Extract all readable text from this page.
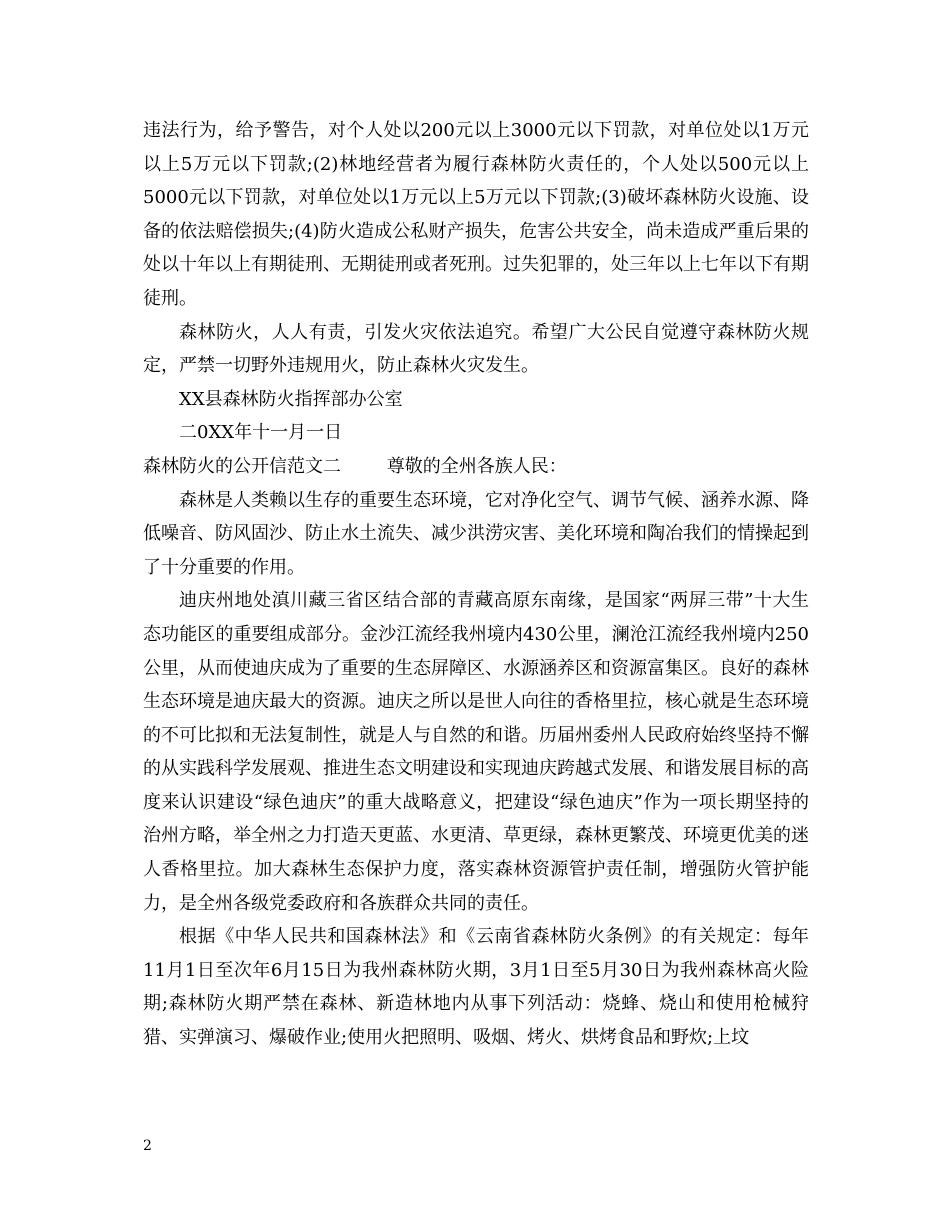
违法行为，给予警告，对个人处以200元以上3000元以下罚款，对单位处以1万元以上5万元以下罚款;(2)林地经营者为履行森林防火责任的，个人处以500元以上5000元以下罚款，对单位处以1万元以上5万元以下罚款;(3)破坏森林防火设施、设备的依法赔偿损失;(4)防火造成公私财产损失，危害公共安全，尚未造成严重后果的处以十年以上有期徒刑、无期徒刑或者死刑。过失犯罪的，处三年以上七年以下有期徒刑。

森林防火，人人有责，引发火灾依法追究。希望广大公民自觉遵守森林防火规定，严禁一切野外违规用火，防止森林火灾发生。

XX县森林防火指挥部办公室

二0XX年十一月一日

森林防火的公开信范文二        尊敬的全州各族人民：

森林是人类赖以生存的重要生态环境，它对净化空气、调节气候、涵养水源、降低噪音、防风固沙、防止水土流失、减少洪涝灾害、美化环境和陶冶我们的情操起到了十分重要的作用。

迪庆州地处滇川藏三省区结合部的青藏高原东南缘，是国家“两屏三带”十大生态功能区的重要组成部分。金沙江流经我州境内430公里，澜沧江流经我州境内250公里，从而使迪庆成为了重要的生态屏障区、水源涵养区和资源富集区。良好的森林生态环境是迪庆最大的资源。迪庆之所以是世人向往的香格里拉，核心就是生态环境的不可比拟和无法复制性，就是人与自然的和谐。历届州委州人民政府始终坚持不懈的从实践科学发展观、推进生态文明建设和实现迪庆跨越式发展、和谐发展目标的高度来认识建设“绿色迪庆”的重大战略意义，把建设“绿色迪庆”作为一项长期坚持的治州方略，举全州之力打造天更蓝、水更清、草更绿，森林更繁茂、环境更优美的迷人香格里拉。加大森林生态保护力度，落实森林资源管护责任制，增强防火管护能力，是全州各级党委政府和各族群众共同的责任。

根据《中华人民共和国森林法》和《云南省森林防火条例》的有关规定：每年11月1日至次年6月15日为我州森林防火期，3月1日至5月30日为我州森林高火险期;森林防火期严禁在森林、新造林地内从事下列活动：烧蜂、烧山和使用枪械狩猎、实弹演习、爆破作业;使用火把照明、吸烟、烤火、烘烤食品和野炊;上坟

2
